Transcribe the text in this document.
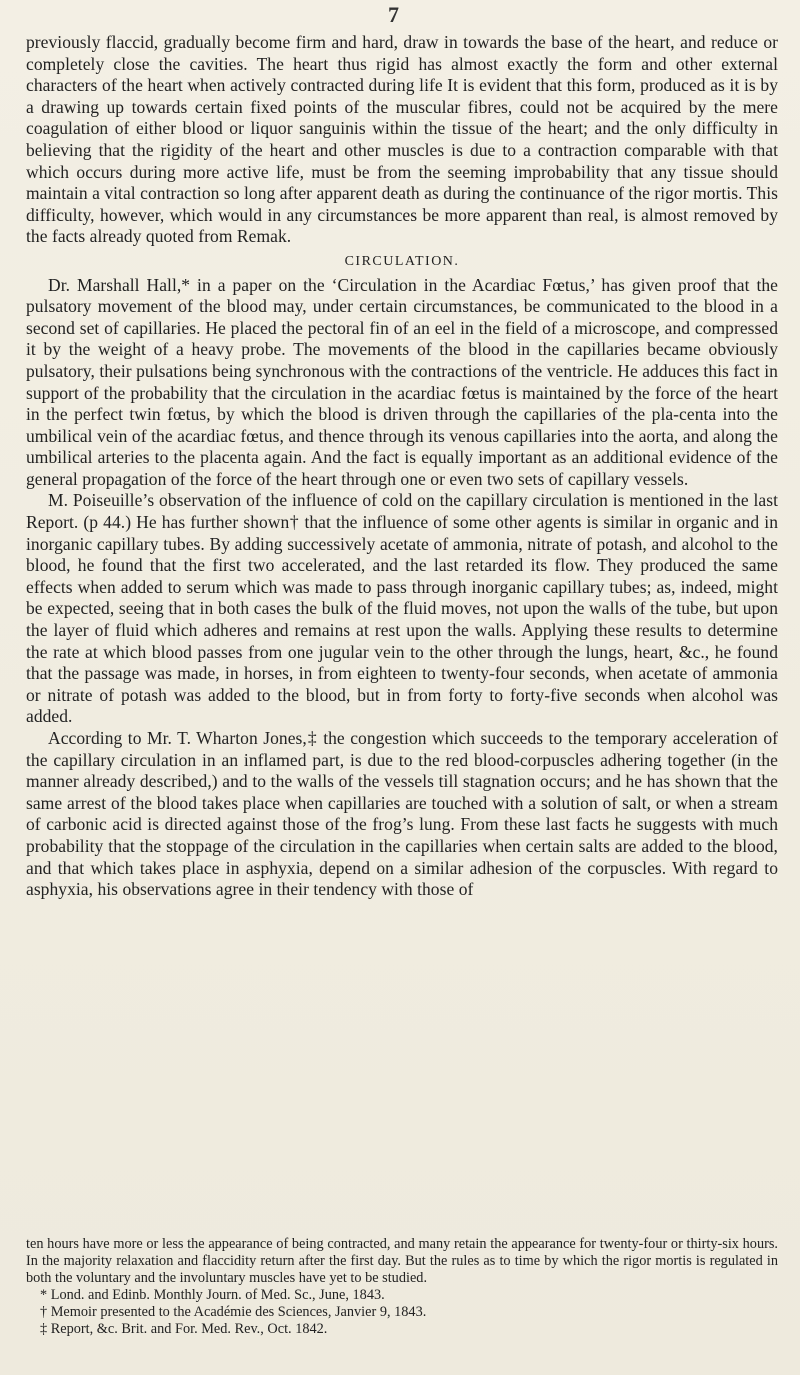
7

previously flaccid, gradually become firm and hard, draw in towards the base of the heart, and reduce or completely close the cavities. The heart thus rigid has almost exactly the form and other external characters of the heart when actively contracted during life It is evident that this form, produced as it is by a drawing up towards certain fixed points of the muscular fibres, could not be acquired by the mere coagulation of either blood or liquor sanguinis within the tissue of the heart; and the only difficulty in believing that the rigidity of the heart and other muscles is due to a contraction comparable with that which occurs during more active life, must be from the seeming improbability that any tissue should maintain a vital contraction so long after apparent death as during the continuance of the rigor mortis. This difficulty, however, which would in any circumstances be more apparent than real, is almost removed by the facts already quoted from Remak.

CIRCULATION.

Dr. Marshall Hall,* in a paper on the ‘Circulation in the Acardiac Fœtus,’ has given proof that the pulsatory movement of the blood may, under certain circumstances, be communicated to the blood in a second set of capillaries. He placed the pectoral fin of an eel in the field of a microscope, and compressed it by the weight of a heavy probe. The movements of the blood in the capillaries became obviously pulsatory, their pulsations being synchronous with the contractions of the ventricle. He adduces this fact in support of the probability that the circulation in the acardiac fœtus is maintained by the force of the heart in the perfect twin fœtus, by which the blood is driven through the capillaries of the pla-centa into the umbilical vein of the acardiac fœtus, and thence through its venous capillaries into the aorta, and along the umbilical arteries to the placenta again. And the fact is equally important as an additional evidence of the general propagation of the force of the heart through one or even two sets of capillary vessels.

M. Poiseuille’s observation of the influence of cold on the capillary circulation is mentioned in the last Report. (p 44.) He has further shown† that the influence of some other agents is similar in organic and in inorganic capillary tubes. By adding successively acetate of ammonia, nitrate of potash, and alcohol to the blood, he found that the first two accelerated, and the last retarded its flow. They produced the same effects when added to serum which was made to pass through inorganic capillary tubes; as, indeed, might be expected, seeing that in both cases the bulk of the fluid moves, not upon the walls of the tube, but upon the layer of fluid which adheres and remains at rest upon the walls. Applying these results to determine the rate at which blood passes from one jugular vein to the other through the lungs, heart, &c., he found that the passage was made, in horses, in from eighteen to twenty-four seconds, when acetate of ammonia or nitrate of potash was added to the blood, but in from forty to forty-five seconds when alcohol was added.

According to Mr. T. Wharton Jones,‡ the congestion which succeeds to the temporary acceleration of the capillary circulation in an inflamed part, is due to the red blood-corpuscles adhering together (in the manner already described,) and to the walls of the vessels till stagnation occurs; and he has shown that the same arrest of the blood takes place when capillaries are touched with a solution of salt, or when a stream of carbonic acid is directed against those of the frog’s lung. From these last facts he suggests with much probability that the stoppage of the circulation in the capillaries when certain salts are added to the blood, and that which takes place in asphyxia, depend on a similar adhesion of the corpuscles. With regard to asphyxia, his observations agree in their tendency with those of

ten hours have more or less the appearance of being contracted, and many retain the appearance for twenty-four or thirty-six hours. In the majority relaxation and flaccidity return after the first day. But the rules as to time by which the rigor mortis is regulated in both the voluntary and the involuntary muscles have yet to be studied.

* Lond. and Edinb. Monthly Journ. of Med. Sc., June, 1843.

† Memoir presented to the Académie des Sciences, Janvier 9, 1843.

‡ Report, &c. Brit. and For. Med. Rev., Oct. 1842.
